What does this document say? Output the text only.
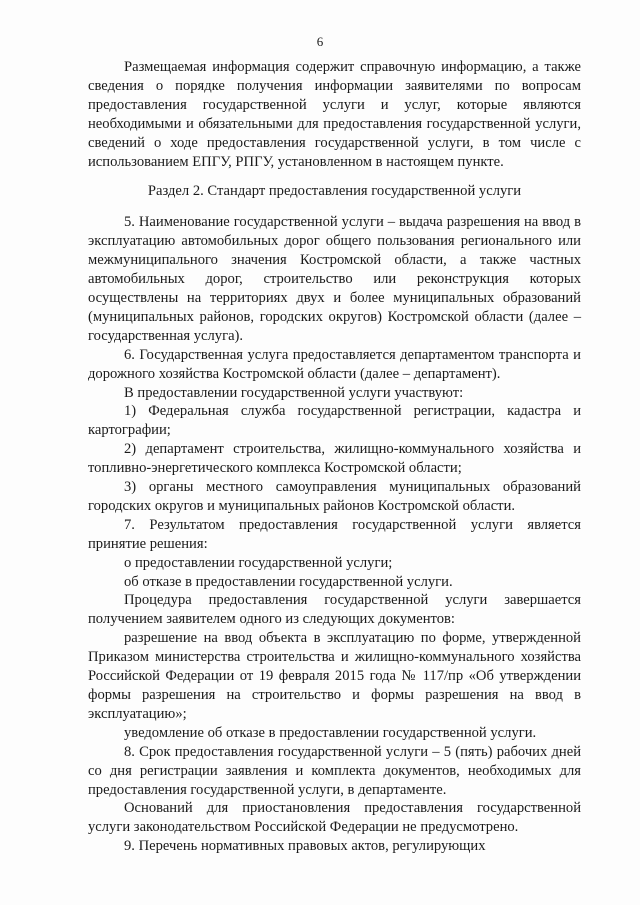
6

Размещаемая информация содержит справочную информацию, а также сведения о порядке получения информации заявителями по вопросам предоставления государственной услуги и услуг, которые являются необходимыми и обязательными для предоставления государственной услуги, сведений о ходе предоставления государственной услуги, в том числе с использованием ЕПГУ, РПГУ, установленном в настоящем пункте.

Раздел 2. Стандарт предоставления государственной услуги

5. Наименование государственной услуги – выдача разрешения на ввод в эксплуатацию автомобильных дорог общего пользования регионального или межмуниципального значения Костромской области, а также частных автомобильных дорог, строительство или реконструкция которых осуществлены на территориях двух и более муниципальных образований (муниципальных районов, городских округов) Костромской области (далее – государственная услуга).

6. Государственная услуга предоставляется департаментом транспорта и дорожного хозяйства Костромской области (далее – департамент).

В предоставлении государственной услуги участвуют:

1) Федеральная служба государственной регистрации, кадастра и картографии;

2) департамент строительства, жилищно-коммунального хозяйства и топливно-энергетического комплекса Костромской области;

3) органы местного самоуправления муниципальных образований городских округов и муниципальных районов Костромской области.

7. Результатом предоставления государственной услуги является принятие решения:

о предоставлении государственной услуги;

об отказе в предоставлении государственной услуги.

Процедура предоставления государственной услуги завершается получением заявителем одного из следующих документов:

разрешение на ввод объекта в эксплуатацию по форме, утвержденной Приказом министерства строительства и жилищно-коммунального хозяйства Российской Федерации от 19 февраля 2015 года № 117/пр «Об утверждении формы разрешения на строительство и формы разрешения на ввод в эксплуатацию»;

уведомление об отказе в предоставлении государственной услуги.

8. Срок предоставления государственной услуги – 5 (пять) рабочих дней со дня регистрации заявления и комплекта документов, необходимых для предоставления государственной услуги, в департаменте.

Оснований для приостановления предоставления государственной услуги законодательством Российской Федерации не предусмотрено.

9. Перечень нормативных правовых актов, регулирующих
